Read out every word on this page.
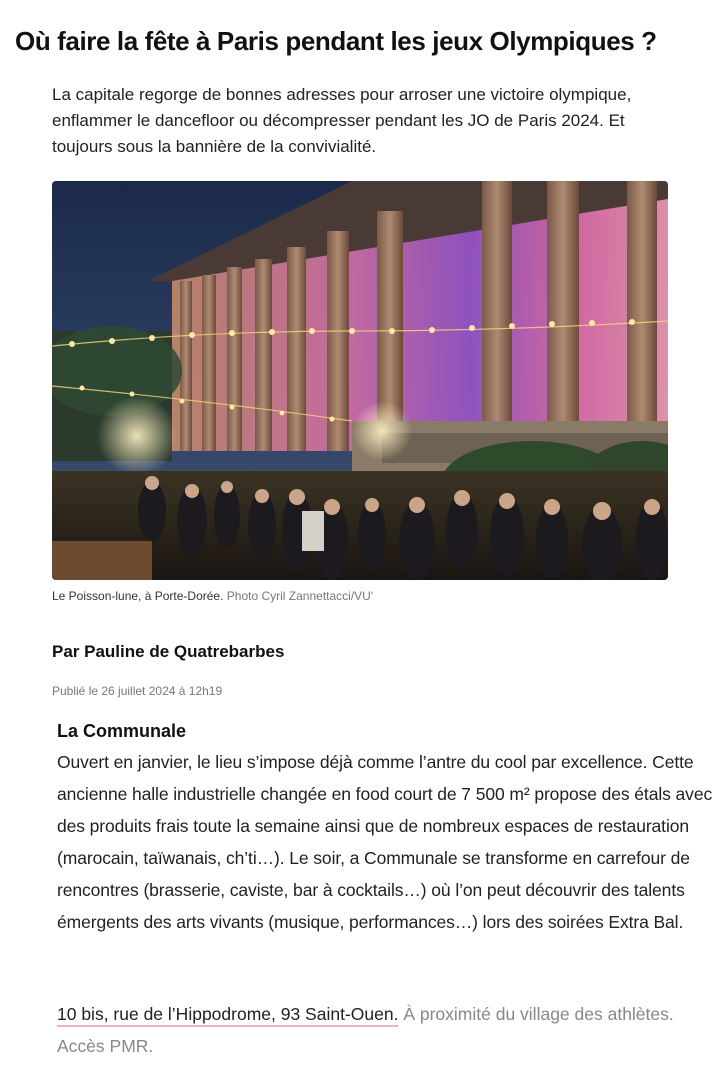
Où faire la fête à Paris pendant les jeux Olympiques ?

La capitale regorge de bonnes adresses pour arroser une victoire olympique, enflammer le dancefloor ou décompresser pendant les JO de Paris 2024. Et toujours sous la bannière de la convivialité.

Le Poisson-lune, à Porte-Dorée. Photo Cyril Zannettacci/VU'

Par Pauline de Quatrebarbes

Publié le 26 juillet 2024 à 12h19

La Communale

Ouvert en janvier, le lieu s’impose déjà comme l’antre du cool par excellence. Cette ancienne halle industrielle changée en food court de 7 500 m² propose des étals avec des produits frais toute la semaine ainsi que de nombreux espaces de restauration (marocain, taïwanais, ch’ti…). Le soir, a Communale se transforme en carrefour de rencontres (brasserie, caviste, bar à cocktails…) où l’on peut découvrir des talents émergents des arts vivants (musique, performances…) lors des soirées Extra Bal.

10 bis, rue de l’Hippodrome, 93 Saint-Ouen. À proximité du village des athlètes. Accès PMR.
